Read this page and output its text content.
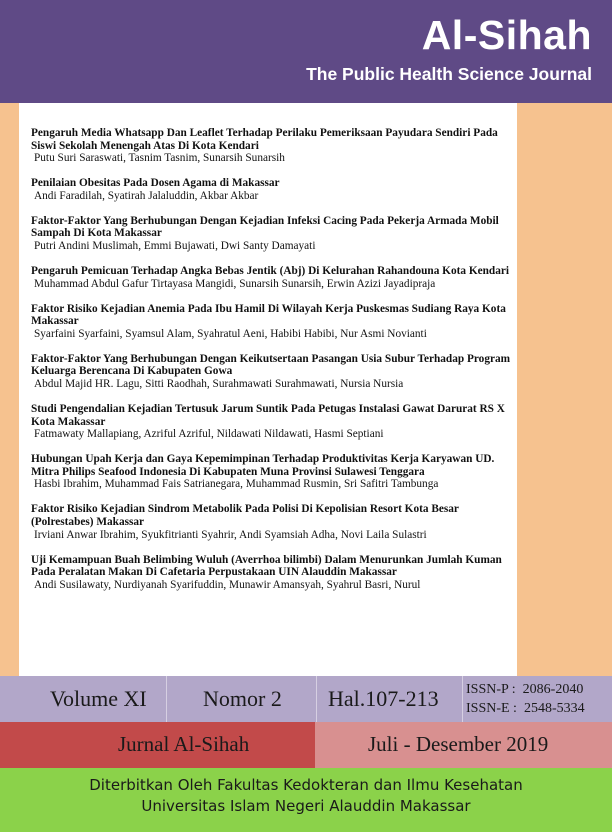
Al-Sihah
The Public Health Science Journal
Pengaruh Media Whatsapp Dan Leaflet Terhadap Perilaku Pemeriksaan Payudara Sendiri Pada Siswi Sekolah Menengah Atas Di Kota Kendari
Putu Suri Saraswati, Tasnim Tasnim, Sunarsih Sunarsih
Penilaian Obesitas Pada Dosen Agama di Makassar
Andi Faradilah, Syatirah Jalaluddin, Akbar Akbar
Faktor-Faktor Yang Berhubungan Dengan Kejadian Infeksi Cacing Pada Pekerja Armada Mobil Sampah Di Kota Makassar
Putri Andini Muslimah, Emmi Bujawati, Dwi Santy Damayati
Pengaruh Pemicuan Terhadap Angka Bebas Jentik (Abj) Di Kelurahan Rahandouna Kota Kendari
Muhammad Abdul Gafur Tirtayasa Mangidi, Sunarsih Sunarsih, Erwin Azizi Jayadipraja
Faktor Risiko Kejadian Anemia Pada Ibu Hamil Di Wilayah Kerja Puskesmas Sudiang Raya Kota Makassar
Syarfaini Syarfaini, Syamsul Alam, Syahratul Aeni, Habibi Habibi, Nur Asmi Novianti
Faktor-Faktor Yang Berhubungan Dengan Keikutsertaan Pasangan Usia Subur Terhadap Program Keluarga Berencana Di Kabupaten Gowa
Abdul Majid HR. Lagu, Sitti Raodhah, Surahmawati Surahmawati, Nursia Nursia
Studi Pengendalian Kejadian Tertusuk Jarum Suntik Pada Petugas Instalasi Gawat Darurat RS X Kota Makassar
Fatmawaty Mallapiang, Azriful Azriful, Nildawati Nildawati, Hasmi Septiani
Hubungan Upah Kerja dan Gaya Kepemimpinan Terhadap Produktivitas Kerja Karyawan UD. Mitra Philips Seafood Indonesia Di Kabupaten Muna Provinsi Sulawesi Tenggara
Hasbi Ibrahim, Muhammad Fais Satrianegara, Muhammad Rusmin, Sri Safitri Tambunga
Faktor Risiko Kejadian Sindrom Metabolik Pada Polisi Di Kepolisian Resort Kota Besar (Polrestabes) Makassar
Irviani Anwar Ibrahim, Syukfitrianti Syahrir, Andi Syamsiah Adha, Novi Laila Sulastri
Uji Kemampuan Buah Belimbing Wuluh (Averrhoa bilimbi) Dalam Menurunkan Jumlah Kuman Pada Peralatan Makan Di Cafetaria Perpustakaan UIN Alauddin Makassar
Andi Susilawaty, Nurdiyanah Syarifuddin, Munawir Amansyah, Syahrul Basri, Nurul
Volume XI	Nomor 2 Hal.107-213 ISSN-P :  2086-2040
ISSN-E :  2548-5334
Jurnal Al-Sihah	Juli - Desember 2019
Diterbitkan Oleh Fakultas Kedokteran dan Ilmu Kesehatan
Universitas Islam Negeri Alauddin Makassar
